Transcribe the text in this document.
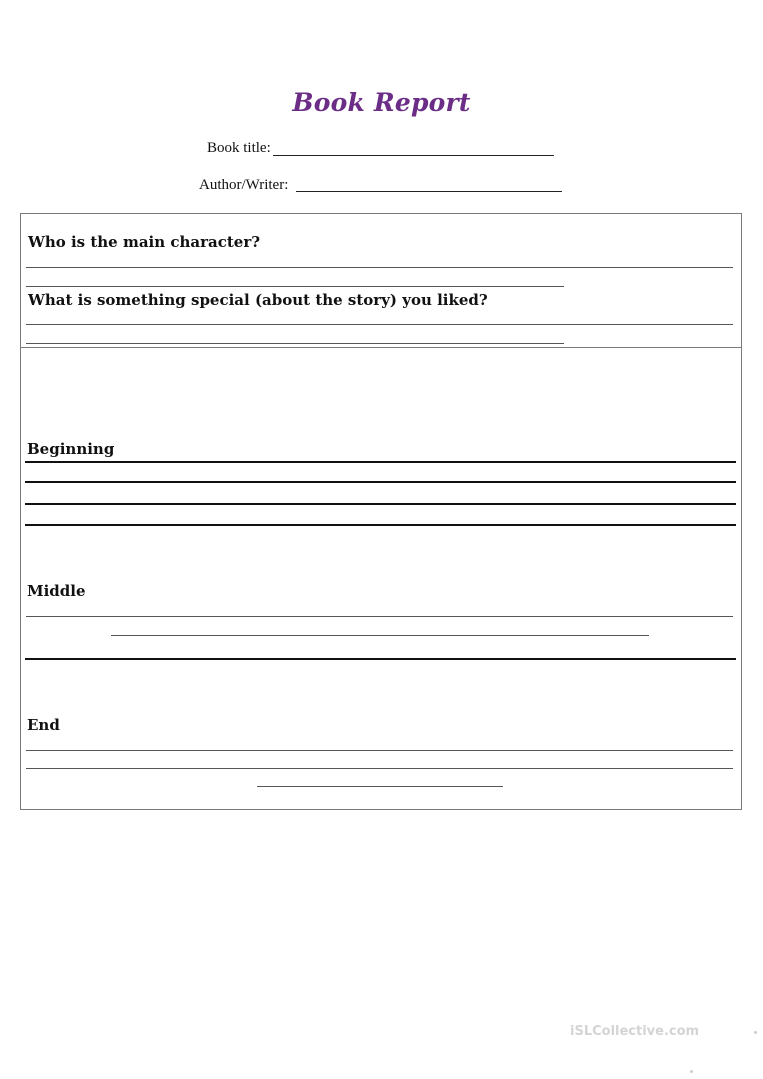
Book Report
Book title:
Author/Writer:
Who is the main character?
What is something special (about the story) you liked?
Beginning
Middle
End
iSLCollective.com
